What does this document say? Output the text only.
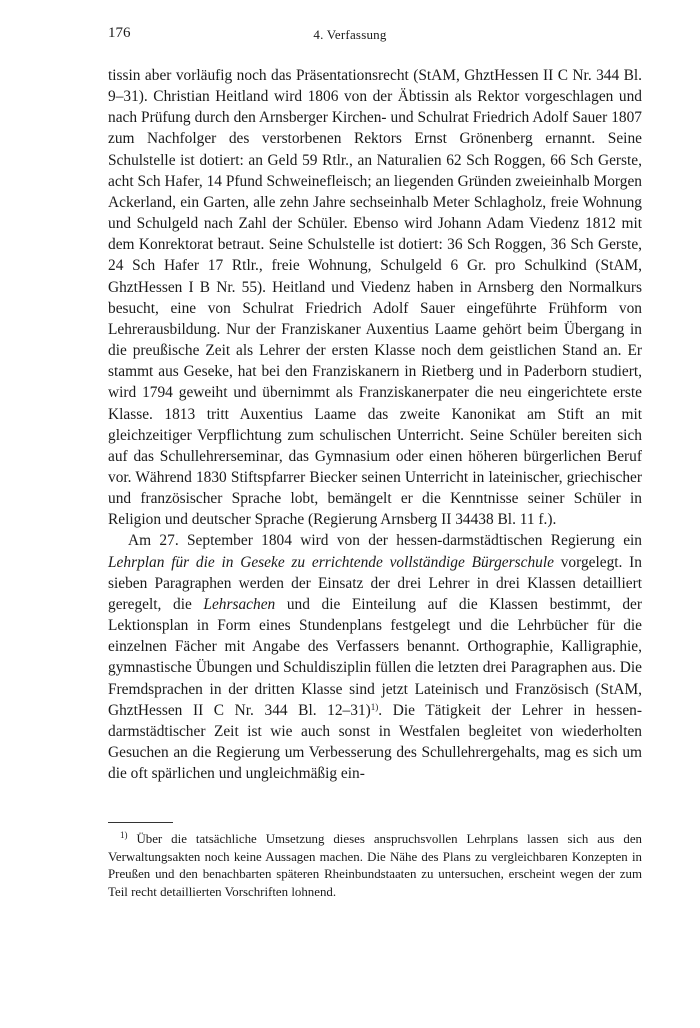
176	4. Verfassung

tissin aber vorläufig noch das Präsentationsrecht (StAM, GhztHessen II C Nr. 344 Bl. 9–31). Christian Heitland wird 1806 von der Äbtissin als Rektor vorgeschlagen und nach Prüfung durch den Arnsberger Kirchen- und Schulrat Friedrich Adolf Sauer 1807 zum Nachfolger des verstorbenen Rektors Ernst Grönenberg ernannt. Seine Schulstelle ist dotiert: an Geld 59 Rtlr., an Naturalien 62 Sch Roggen, 66 Sch Gerste, acht Sch Hafer, 14 Pfund Schweinefleisch; an liegenden Gründen zweieinhalb Morgen Ackerland, ein Garten, alle zehn Jahre sechseinhalb Meter Schlagholz, freie Wohnung und Schulgeld nach Zahl der Schüler. Ebenso wird Johann Adam Viedenz 1812 mit dem Konrektorat betraut. Seine Schulstelle ist dotiert: 36 Sch Roggen, 36 Sch Gerste, 24 Sch Hafer 17 Rtlr., freie Wohnung, Schulgeld 6 Gr. pro Schulkind (StAM, GhztHessen I B Nr. 55). Heitland und Viedenz haben in Arnsberg den Normalkurs besucht, eine von Schulrat Friedrich Adolf Sauer eingeführte Frühform von Lehrerausbildung. Nur der Franziskaner Auxentius Laame gehört beim Übergang in die preußische Zeit als Lehrer der ersten Klasse noch dem geistlichen Stand an. Er stammt aus Geseke, hat bei den Franziskanern in Rietberg und in Paderborn studiert, wird 1794 geweiht und übernimmt als Franziskanerpater die neu eingerichtete erste Klasse. 1813 tritt Auxentius Laame das zweite Kanonikat am Stift an mit gleichzeitiger Verpflichtung zum schulischen Unterricht. Seine Schüler bereiten sich auf das Schullehrerseminar, das Gymnasium oder einen höheren bürgerlichen Beruf vor. Während 1830 Stiftspfarrer Biecker seinen Unterricht in lateinischer, griechischer und französischer Sprache lobt, bemängelt er die Kenntnisse seiner Schüler in Religion und deutscher Sprache (Regierung Arnsberg II 34438 Bl. 11 f.).

Am 27. September 1804 wird von der hessen-darmstädtischen Regierung ein Lehrplan für die in Geseke zu errichtende vollständige Bürgerschule vorgelegt. In sieben Paragraphen werden der Einsatz der drei Lehrer in drei Klassen detailliert geregelt, die Lehrsachen und die Einteilung auf die Klassen bestimmt, der Lektionsplan in Form eines Stundenplans festgelegt und die Lehrbücher für die einzelnen Fächer mit Angabe des Verfassers benannt. Orthographie, Kalligraphie, gymnastische Übungen und Schuldisziplin füllen die letzten drei Paragraphen aus. Die Fremdsprachen in der dritten Klasse sind jetzt Lateinisch und Französisch (StAM, GhztHessen II C Nr. 344 Bl. 12–31)$^{1)}$. Die Tätigkeit der Lehrer in hessen-darmstädtischer Zeit ist wie auch sonst in Westfalen begleitet von wiederholten Gesuchen an die Regierung um Verbesserung des Schullehrergehalts, mag es sich um die oft spärlichen und ungleichmäßig ein-

$^{1)}$ Über die tatsächliche Umsetzung dieses anspruchsvollen Lehrplans lassen sich aus den Verwaltungsakten noch keine Aussagen machen. Die Nähe des Plans zu vergleichbaren Konzepten in Preußen und den benachbarten späteren Rheinbundstaaten zu untersuchen, erscheint wegen der zum Teil recht detaillierten Vorschriften lohnend.
